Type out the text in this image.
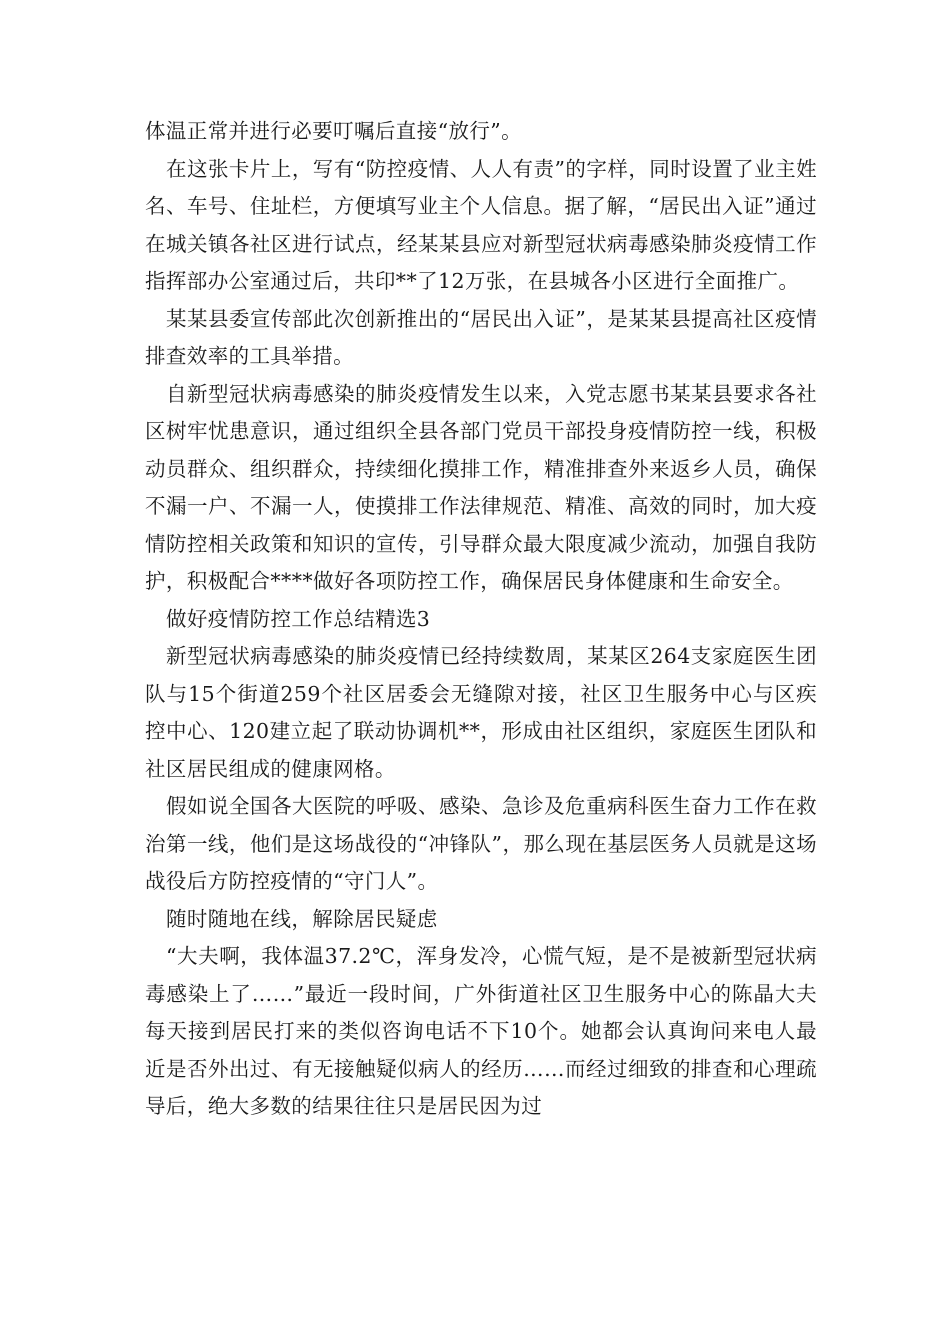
体温正常并进行必要叮嘱后直接“放行”。

在这张卡片上，写有“防控疫情、人人有责”的字样，同时设置了业主姓名、车号、住址栏，方便填写业主个人信息。据了解，“居民出入证”通过在城关镇各社区进行试点，经某某县应对新型冠状病毒感染肺炎疫情工作指挥部办公室通过后，共印**了12万张，在县城各小区进行全面推广。

某某县委宣传部此次创新推出的“居民出入证”，是某某县提高社区疫情排查效率的工具举措。

自新型冠状病毒感染的肺炎疫情发生以来，入党志愿书某某县要求各社区树牢忧患意识，通过组织全县各部门党员干部投身疫情防控一线，积极动员群众、组织群众，持续细化摸排工作，精准排查外来返乡人员，确保不漏一户、不漏一人，使摸排工作法律规范、精准、高效的同时，加大疫情防控相关政策和知识的宣传，引导群众最大限度减少流动，加强自我防护，积极配合****做好各项防控工作，确保居民身体健康和生命安全。

做好疫情防控工作总结精选3

新型冠状病毒感染的肺炎疫情已经持续数周，某某区264支家庭医生团队与15个街道259个社区居委会无缝隙对接，社区卫生服务中心与区疾控中心、120建立起了联动协调机**，形成由社区组织，家庭医生团队和社区居民组成的健康网格。

假如说全国各大医院的呼吸、感染、急诊及危重病科医生奋力工作在救治第一线，他们是这场战役的“冲锋队”，那么现在基层医务人员就是这场战役后方防控疫情的“守门人”。

随时随地在线，解除居民疑虑

“大夫啊，我体温37.2℃，浑身发冷，心慌气短，是不是被新型冠状病毒感染上了……”最近一段时间，广外街道社区卫生服务中心的陈晶大夫每天接到居民打来的类似咨询电话不下10个。她都会认真询问来电人最近是否外出过、有无接触疑似病人的经历……而经过细致的排查和心理疏导后，绝大多数的结果往往只是居民因为过
